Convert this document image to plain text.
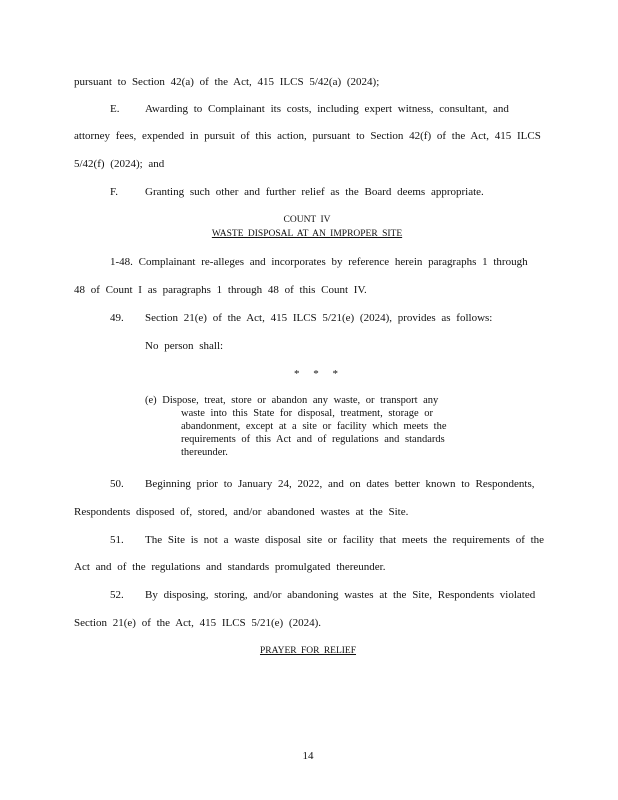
pursuant to Section 42(a) of the Act, 415 ILCS 5/42(a) (2024);
E. Awarding to Complainant its costs, including expert witness, consultant, and
attorney fees, expended in pursuit of this action, pursuant to Section 42(f) of the Act, 415 ILCS
5/42(f) (2024); and
F. Granting such other and further relief as the Board deems appropriate.
COUNT IV
WASTE DISPOSAL AT AN IMPROPER SITE
1-48. Complainant re-alleges and incorporates by reference herein paragraphs 1 through
48 of Count I as paragraphs 1 through 48 of this Count IV.
49. Section 21(e) of the Act, 415 ILCS 5/21(e) (2024), provides as follows:
No person shall:
* * *
(e) Dispose, treat, store or abandon any waste, or transport any
waste into this State for disposal, treatment, storage or
abandonment, except at a site or facility which meets the
requirements of this Act and of regulations and standards
thereunder.
50. Beginning prior to January 24, 2022, and on dates better known to Respondents,
Respondents disposed of, stored, and/or abandoned wastes at the Site.
51. The Site is not a waste disposal site or facility that meets the requirements of the
Act and of the regulations and standards promulgated thereunder.
52. By disposing, storing, and/or abandoning wastes at the Site, Respondents violated
Section 21(e) of the Act, 415 ILCS 5/21(e) (2024).
PRAYER FOR RELIEF
14
